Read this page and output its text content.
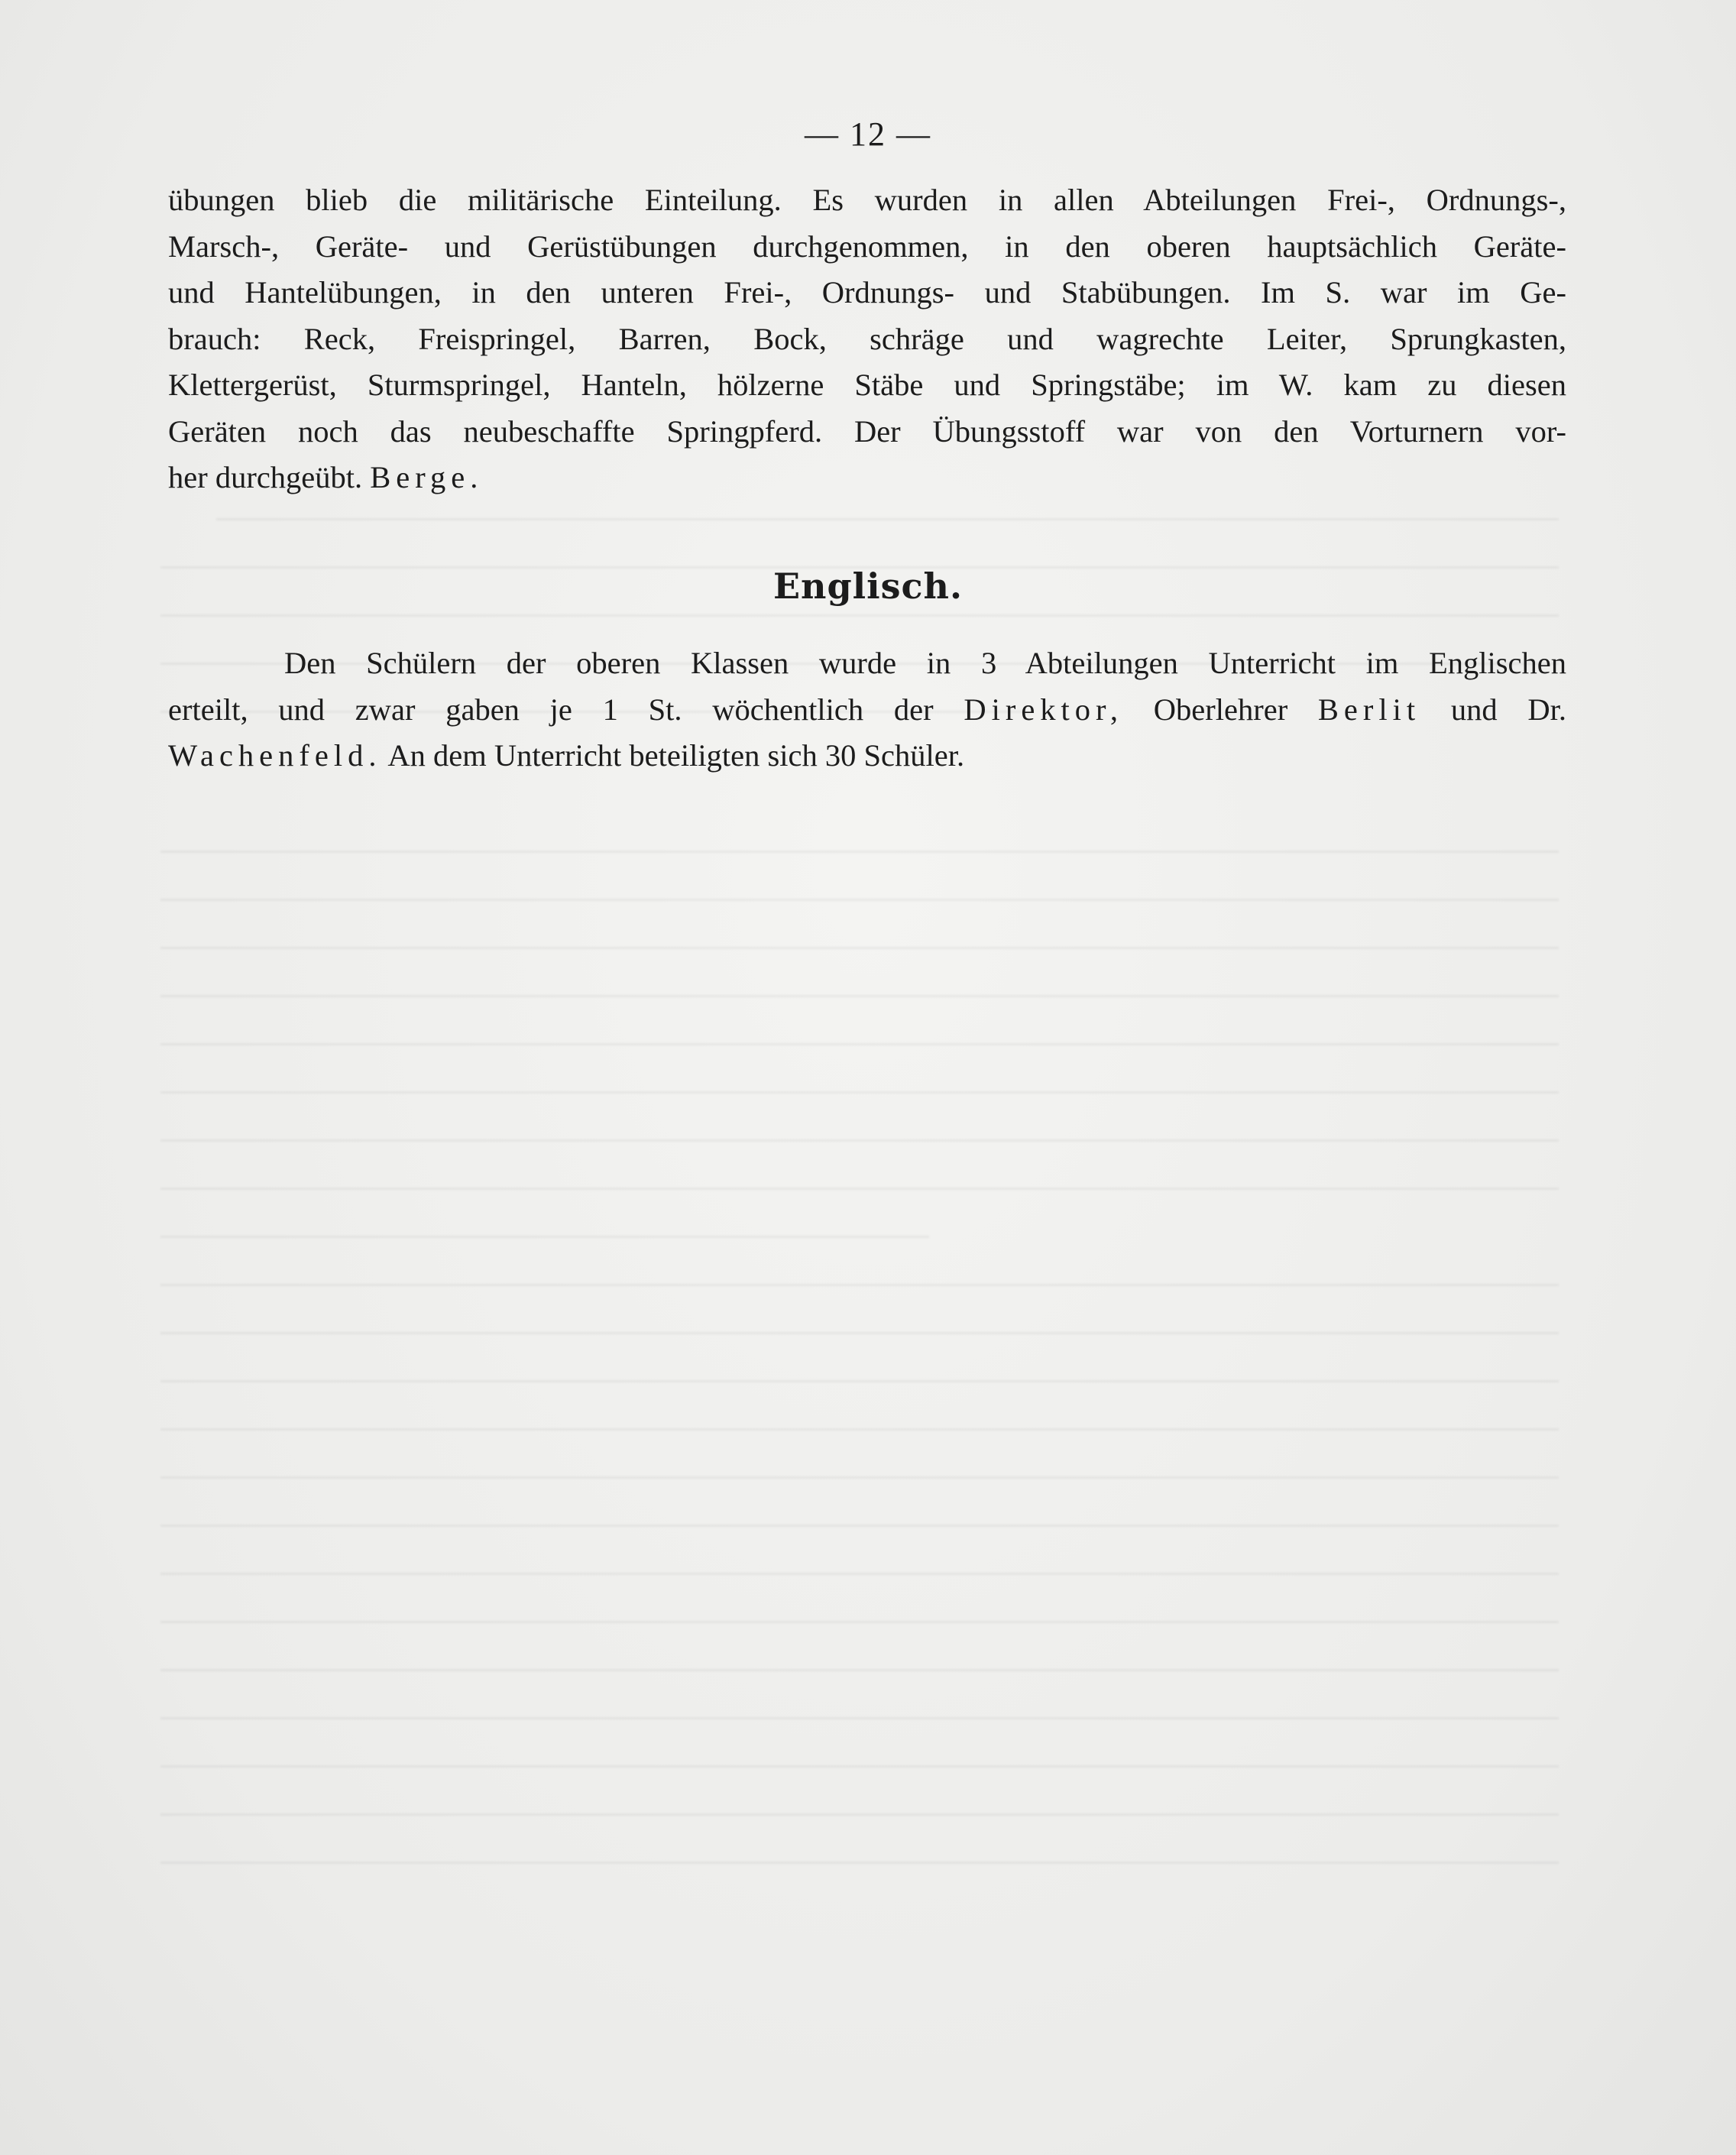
— 12 —
übungen blieb die militärische Einteilung. Es wurden in allen Abteilungen Frei-, Ordnungs-,
Marsch-, Geräte- und Gerüstübungen durchgenommen, in den oberen hauptsächlich Geräte-
und Hantelübungen, in den unteren Frei-, Ordnungs- und Stabübungen. Im S. war im Ge-
brauch: Reck, Freispringel, Barren, Bock, schräge und wagrechte Leiter, Sprungkasten,
Klettergerüst, Sturmspringel, Hanteln, hölzerne Stäbe und Springstäbe; im W. kam zu diesen
Geräten noch das neubeschaffte Springpferd. Der Übungsstoff war von den Vorturnern vor-
her durchgeübt. Berge.
Englisch.
Den Schülern der oberen Klassen wurde in 3 Abteilungen Unterricht im Englischen
erteilt, und zwar gaben je 1 St. wöchentlich der Direktor, Oberlehrer Berlit und Dr.
Wachenfeld. An dem Unterricht beteiligten sich 30 Schüler.
